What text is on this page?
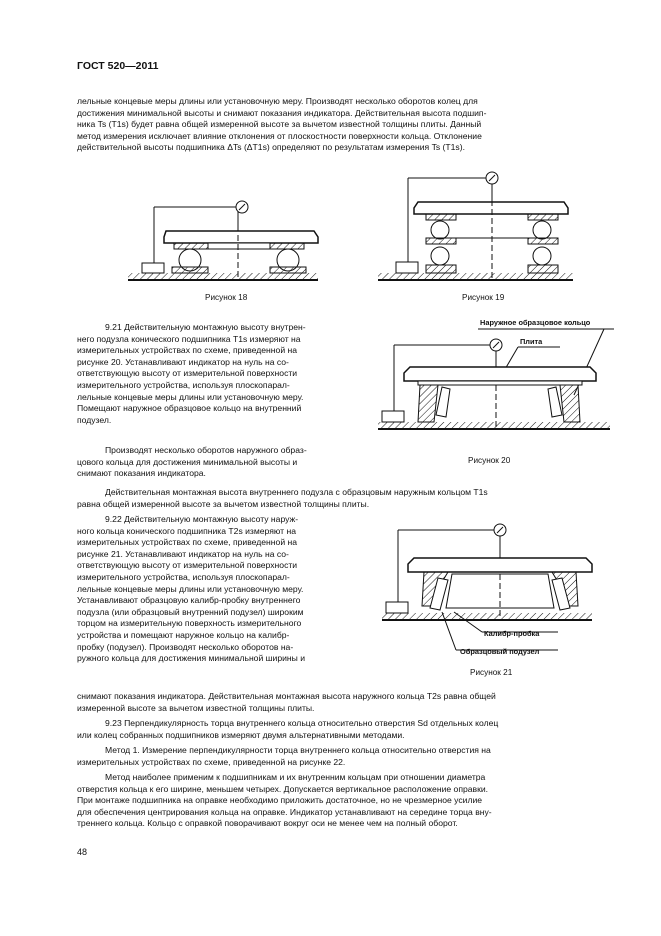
ГОСТ 520—2011

лельные концевые меры длины или установочную меру. Производят несколько оборотов колец для

достижения минимальной высоты и снимают показания индикатора. Действительная высота подшип-

ника Ts (T1s) будет равна общей измеренной высоте за вычетом известной толщины плиты. Данный

метод измерения исключает влияние отклонения от плоскостности поверхности кольца. Отклонение

действительной высоты подшипника ΔTs (ΔT1s) определяют по результатам измерения Ts (T1s).

Рисунок 18	Рисунок 19

9.21 Действительную монтажную высоту внутрен-

него подузла конического подшипника T1s измеряют на

измерительных устройствах по схеме, приведенной на

рисунке 20. Устанавливают индикатор на нуль на со-

ответствующую высоту от измерительной поверхности

измерительного устройства, используя плоскопарал-

лельные концевые меры длины или установочную меру.

Помещают наружное образцовое кольцо на внутренний

подузел.

Производят несколько оборотов наружного образ-

цового кольца для достижения минимальной высоты и

снимают показания индикатора.

Наружное образцовое кольцо
Плита
Рисунок 20

Действительная монтажная высота внутреннего подузла с образцовым наружным кольцом T1s

равна общей измеренной высоте за вычетом известной толщины плиты.

9.22 Действительную монтажную высоту наруж-

ного кольца конического подшипника T2s измеряют на

измерительных устройствах по схеме, приведенной на

рисунке 21. Устанавливают индикатор на нуль на со-

ответствующую высоту от измерительной поверхности

измерительного устройства, используя плоскопарал-

лельные концевые меры длины или установочную меру.

Устанавливают образцовую калибр-пробку внутреннего

подузла (или образцовый внутренний подузел) широким

торцом на измерительную поверхность измерительного

устройства и помещают наружное кольцо на калибр-

пробку (подузел). Производят несколько оборотов на-

ружного кольца для достижения минимальной ширины и

Калибр-пробка
Образцовый подузел
Рисунок 21

снимают показания индикатора. Действительная монтажная высота наружного кольца T2s равна общей

измеренной высоте за вычетом известной толщины плиты.

9.23 Перпендикулярность торца внутреннего кольца относительно отверстия Sd отдельных колец

или колец собранных подшипников измеряют двумя альтернативными методами.

Метод 1. Измерение перпендикулярности торца внутреннего кольца относительно отверстия на

измерительных устройствах по схеме, приведенной на рисунке 22.

Метод наиболее применим к подшипникам и их внутренним кольцам при отношении диаметра

отверстия кольца к его ширине, меньшем четырех. Допускается вертикальное расположение оправки.

При монтаже подшипника на оправке необходимо приложить достаточное, но не чрезмерное усилие

для обеспечения центрирования кольца на оправке. Индикатор устанавливают на середине торца вну-

треннего кольца. Кольцо с оправкой поворачивают вокруг оси не менее чем на полный оборот.

48
